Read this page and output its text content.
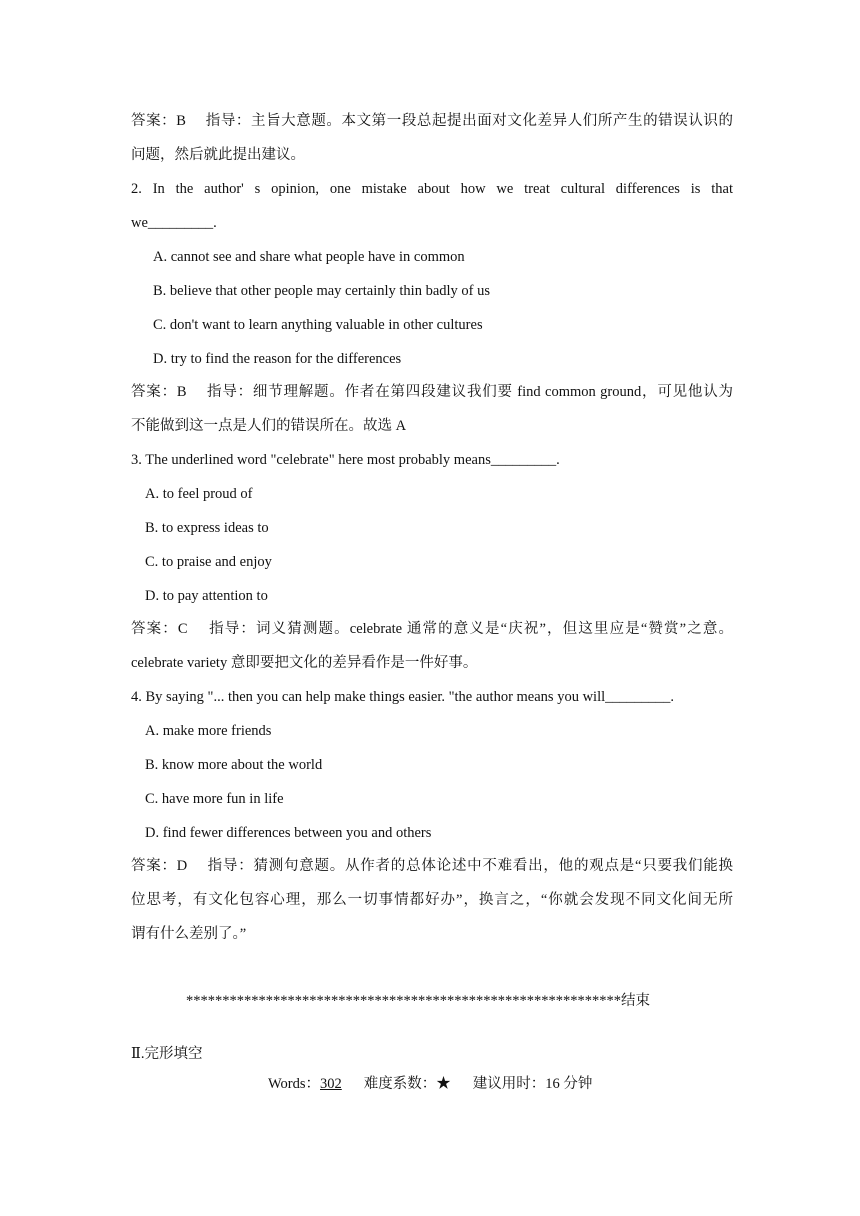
答案：B　 指导：主旨大意题。本文第一段总起提出面对文化差异人们所产生的错误认识的
问题，然后就此提出建议。
2. In the author' s opinion, one mistake about how we treat cultural differences is that
we_________.
A. cannot see and share what people have in common
B. believe that other people may certainly thin badly of us
C. don't want to learn anything valuable in other cultures
D. try to find the reason for the differences
答案：B　 指导：细节理解题。作者在第四段建议我们要 find common ground，可见他认为
不能做到这一点是人们的错误所在。故选 A
3. The underlined word "celebrate" here most probably means_________.
A. to feel proud of
B. to express ideas to
C. to praise and enjoy
D. to pay attention to
答案：C　 指导：词义猜测题。celebrate 通常的意义是“庆祝”，但这里应是“赞赏”之意。
celebrate variety 意即要把文化的差异看作是一件好事。
4. By saying "... then you can help make things easier. "the author means you will_________.
A. make more friends
B. know more about the world
C. have more fun in life
D. find fewer differences between you and others
答案：D　 指导：猜测句意题。从作者的总体论述中不难看出，他的观点是“只要我们能换
位思考，有文化包容心理，那么一切事情都好办”，换言之，“你就会发现不同文化间无所
谓有什么差别了。”
************************************************************结束
Ⅱ.完形填空
Words：302 难度系数：★ 建议用时：16 分钟
